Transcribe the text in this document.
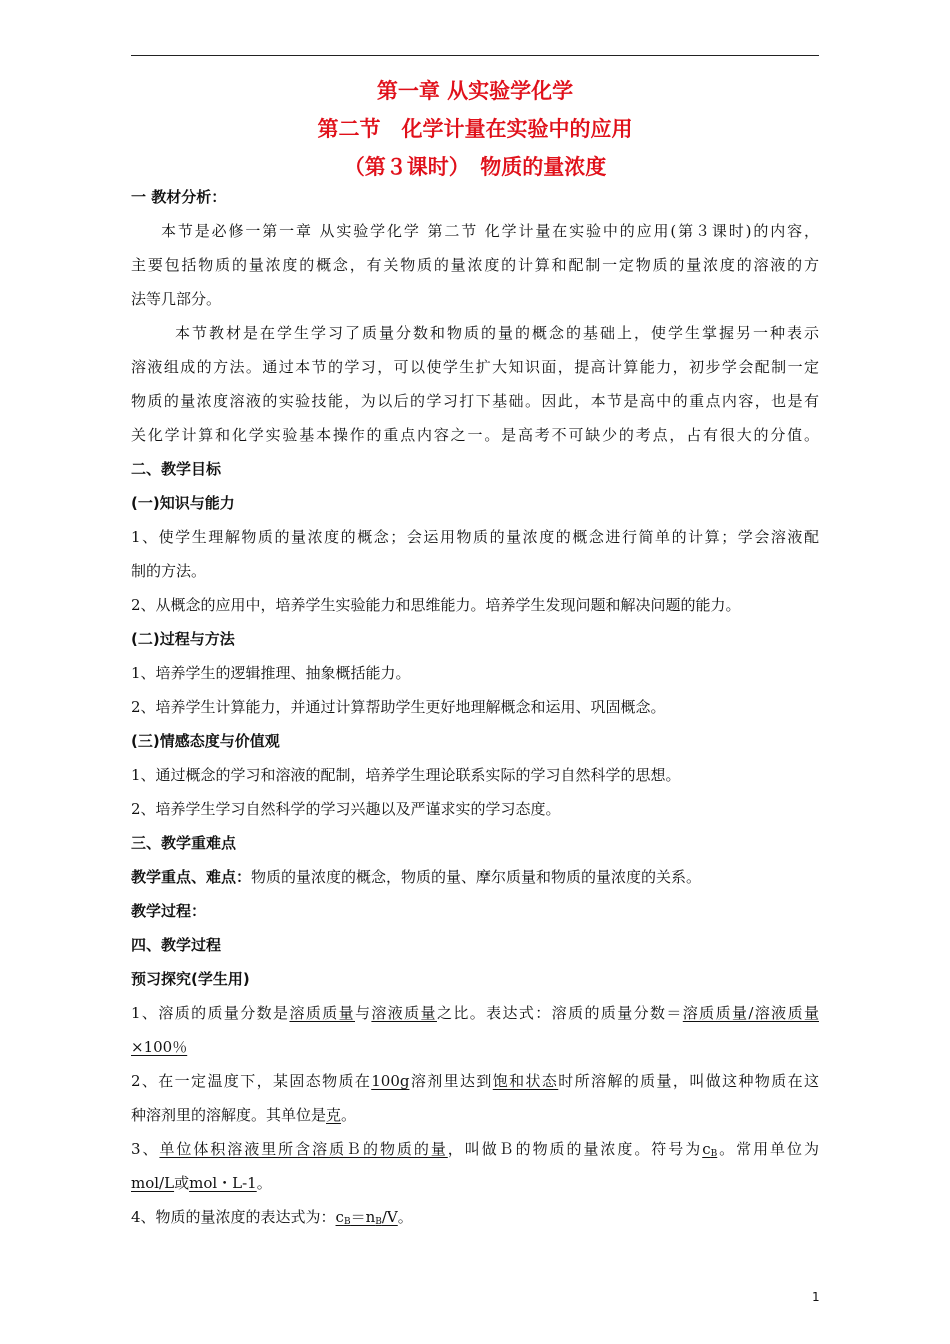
第一章 从实验学化学
第二节　化学计量在实验中的应用
（第３课时）　物质的量浓度
一 教材分析：
本节是必修一第一章 从实验学化学 第二节 化学计量在实验中的应用(第３课时)的内容，
主要包括物质的量浓度的概念，有关物质的量浓度的计算和配制一定物质的量浓度的溶液的方
法等几部分。
本节教材是在学生学习了质量分数和物质的量的概念的基础上，使学生掌握另一种表示
溶液组成的方法。通过本节的学习，可以使学生扩大知识面，提高计算能力，初步学会配制一定
物质的量浓度溶液的实验技能，为以后的学习打下基础。因此，本节是高中的重点内容，也是有
关化学计算和化学实验基本操作的重点内容之一。是高考不可缺少的考点，占有很大的分值。
二、教学目标
(一)知识与能力
1、使学生理解物质的量浓度的概念；会运用物质的量浓度的概念进行简单的计算；学会溶液配
制的方法。
2、从概念的应用中，培养学生实验能力和思维能力。培养学生发现问题和解决问题的能力。
(二)过程与方法
1、培养学生的逻辑推理、抽象概括能力。
2、培养学生计算能力，并通过计算帮助学生更好地理解概念和运用、巩固概念。
(三)情感态度与价值观
1、通过概念的学习和溶液的配制，培养学生理论联系实际的学习自然科学的思想。
2、培养学生学习自然科学的学习兴趣以及严谨求实的学习态度。
三、教学重难点
教学重点、难点：物质的量浓度的概念，物质的量、摩尔质量和物质的量浓度的关系。
教学过程：
四、教学过程
预习探究(学生用)
1、溶质的质量分数是溶质质量与溶液质量之比。表达式：溶质的质量分数＝溶质质量/溶液质量
×100％
2、在一定温度下，某固态物质在100g溶剂里达到饱和状态时所溶解的质量，叫做这种物质在这
种溶剂里的溶解度。其单位是克。
3、单位体积溶液里所含溶质Ｂ的物质的量，叫做Ｂ的物质的量浓度。符号为$c_B$。常用单位为
mol/L或mol・L-1。
4、物质的量浓度的表达式为：$c_B=n_B/V$。
1
